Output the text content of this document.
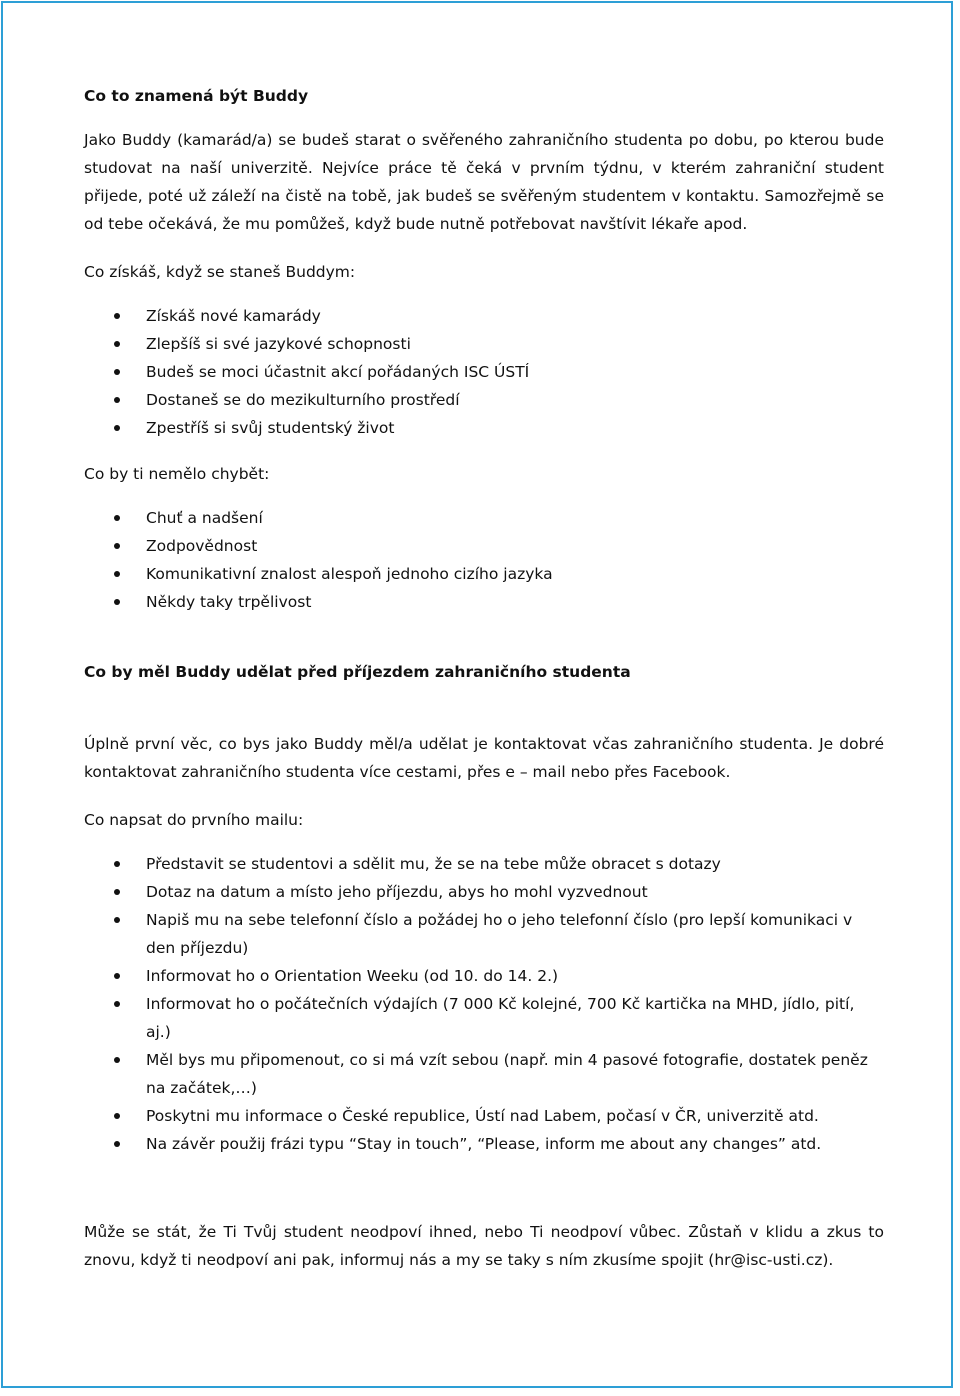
Co to znamená být Buddy

Jako Buddy (kamarád/a) se budeš starat o svěřeného zahraničního studenta po dobu, po kterou bude studovat na naší univerzitě. Nejvíce práce tě čeká v prvním týdnu, v kterém zahraniční student přijede, poté už záleží na čistě na tobě, jak budeš se svěřeným studentem v kontaktu. Samozřejmě se od tebe očekává, že mu pomůžeš, když bude nutně potřebovat navštívit lékaře apod.

Co získáš, když se staneš Buddym:

Získáš nové kamarády
Zlepšíš si své jazykové schopnosti
Budeš se moci účastnit akcí pořádaných ISC ÚSTÍ
Dostaneš se do mezikulturního prostředí
Zpestříš si svůj studentský život

Co by ti nemělo chybět:

Chuť a nadšení
Zodpovědnost
Komunikativní znalost alespoň jednoho cizího jazyka
Někdy taky trpělivost
Co by měl Buddy udělat před příjezdem zahraničního studenta

Úplně první věc, co bys jako Buddy měl/a udělat je kontaktovat včas zahraničního studenta. Je dobré kontaktovat zahraničního studenta více cestami, přes e – mail nebo přes Facebook.

Co napsat do prvního mailu:

Představit se studentovi a sdělit mu, že se na tebe může obracet s dotazy
Dotaz na datum a místo jeho příjezdu, abys ho mohl vyzvednout
Napiš mu na sebe telefonní číslo a požádej ho o jeho telefonní číslo (pro lepší komunikaci v den příjezdu)
Informovat ho o Orientation Weeku (od 10. do 14. 2.)
Informovat ho o počátečních výdajích (7 000 Kč kolejné, 700 Kč kartička na MHD, jídlo, pití, aj.)
Měl bys mu připomenout, co si má vzít sebou (např. min 4 pasové fotografie, dostatek peněz na začátek,…)
Poskytni mu informace o České republice, Ústí nad Labem, počasí v ČR, univerzitě atd.
Na závěr použij frázi typu “Stay in touch”, “Please, inform me about any changes” atd.

Může se stát, že Ti Tvůj student neodpoví ihned, nebo Ti neodpoví vůbec. Zůstaň v klidu a zkus to znovu, když ti neodpoví ani pak, informuj nás a my se taky s ním zkusíme spojit (hr@isc-usti.cz).
